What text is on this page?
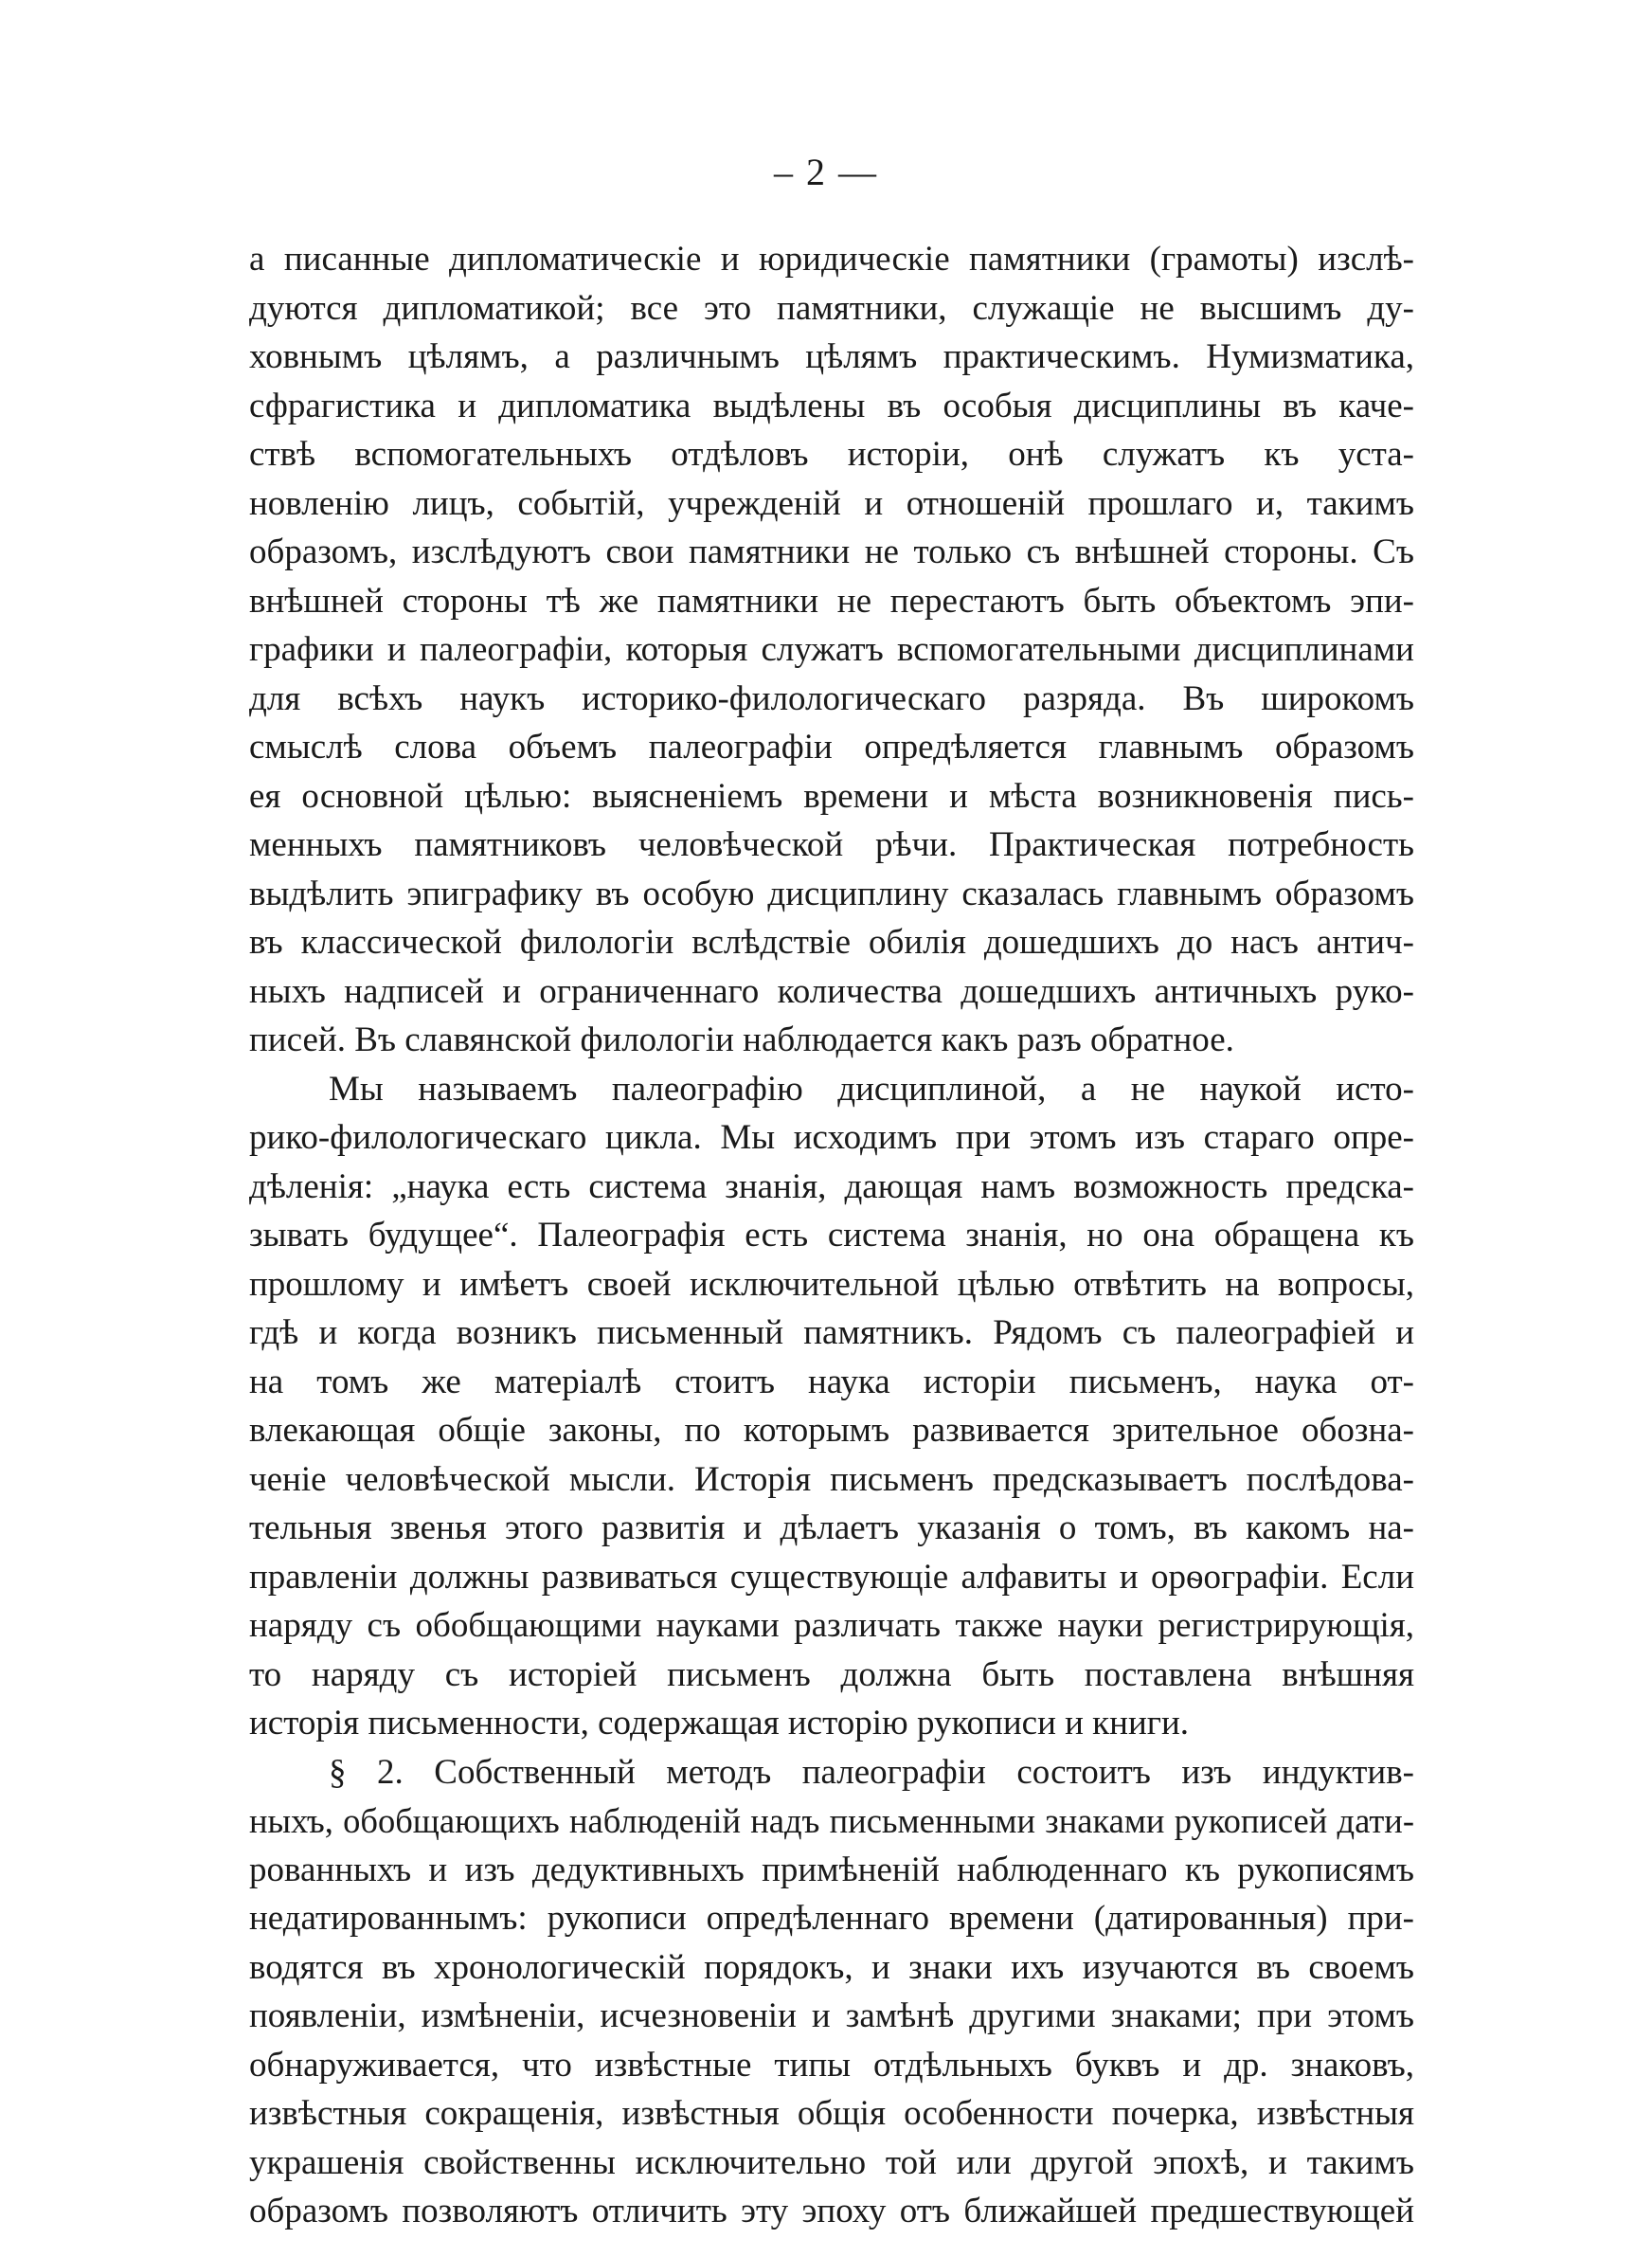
– 2 —
а писанные дипломатическіе и юридическіе памятники (грамоты) изслѣ-
дуются дипломатикой; все это памятники, служащіе не высшимъ ду-
ховнымъ цѣлямъ, а различнымъ цѣлямъ практическимъ. Нумизматика,
сфрагистика и дипломатика выдѣлены въ особыя дисциплины въ каче-
ствѣ вспомогательныхъ отдѣловъ исторіи, онѣ служатъ къ уста-
новленію лицъ, событій, учрежденій и отношеній прошлаго и, такимъ
образомъ, изслѣдуютъ свои памятники не только съ внѣшней стороны. Съ
внѣшней стороны тѣ же памятники не перестаютъ быть объектомъ эпи-
графики и палеографіи, которыя служатъ вспомогательными дисциплинами
для всѣхъ наукъ историко-филологическаго разряда. Въ широкомъ
смыслѣ слова объемъ палеографіи опредѣляется главнымъ образомъ
ея основной цѣлью: выясненіемъ времени и мѣста возникновенія пись-
менныхъ памятниковъ человѣческой рѣчи. Практическая потребность
выдѣлить эпиграфику въ особую дисциплину сказалась главнымъ образомъ
въ классической филологіи вслѣдствіе обилія дошедшихъ до насъ антич-
ныхъ надписей и ограниченнаго количества дошедшихъ античныхъ руко-
писей. Въ славянской филологіи наблюдается какъ разъ обратное.
Мы называемъ палеографію дисциплиной, а не наукой исто-
рико-филологическаго цикла. Мы исходимъ при этомъ изъ стараго опре-
дѣленія: „наука есть система знанія, дающая намъ возможность предска-
зывать будущее“. Палеографія есть система знанія, но она обращена къ
прошлому и имѣетъ своей исключительной цѣлью отвѣтить на вопросы,
гдѣ и когда возникъ письменный памятникъ. Рядомъ съ палеографіей и
на томъ же матеріалѣ стоитъ наука исторіи письменъ, наука от-
влекающая общіе законы, по которымъ развивается зрительное обозна-
ченіе человѣческой мысли. Исторія письменъ предсказываетъ послѣдова-
тельныя звенья этого развитія и дѣлаетъ указанія о томъ, въ какомъ на-
правленіи должны развиваться существующіе алфавиты и орѳографіи. Если
наряду съ обобщающими науками различать также науки регистрирующія,
то наряду съ исторіей письменъ должна быть поставлена внѣшняя
исторія письменности, содержащая исторію рукописи и книги.
§ 2. Собственный методъ палеографіи состоитъ изъ индуктив-
ныхъ, обобщающихъ наблюденій надъ письменными знаками рукописей дати-
рованныхъ и изъ дедуктивныхъ примѣненій наблюденнаго къ рукописямъ
недатированнымъ: рукописи опредѣленнаго времени (датированныя) при-
водятся въ хронологическій порядокъ, и знаки ихъ изучаются въ своемъ
появленіи, измѣненіи, исчезновеніи и замѣнѣ другими знаками; при этомъ
обнаруживается, что извѣстные типы отдѣльныхъ буквъ и др. знаковъ,
извѣстныя сокращенія, извѣстныя общія особенности почерка, извѣстныя
украшенія свойственны исключительно той или другой эпохѣ, и такимъ
образомъ позволяютъ отличить эту эпоху отъ ближайшей предшествующей
